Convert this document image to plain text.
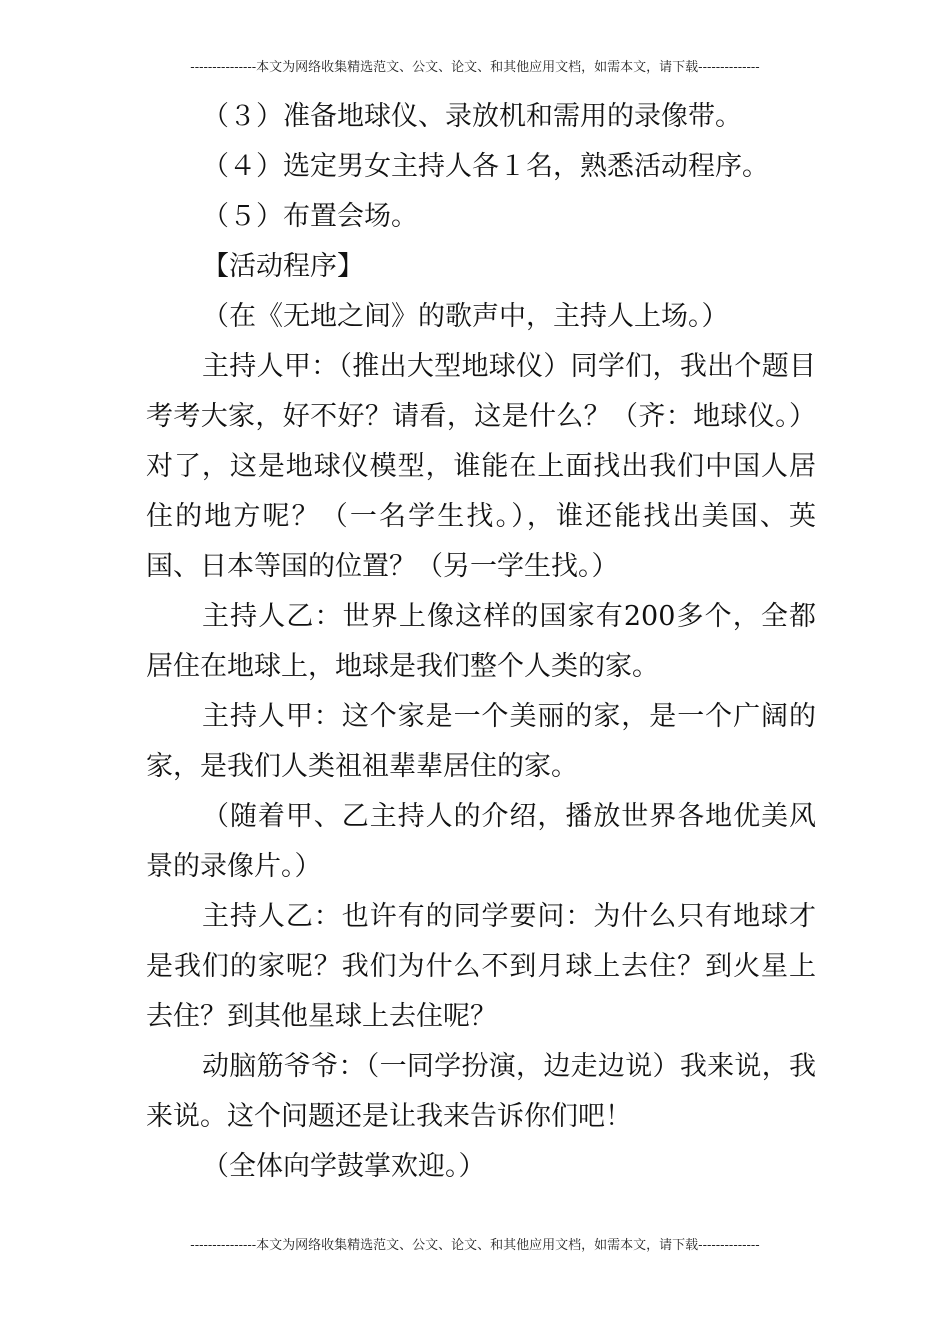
---------------本文为网络收集精选范文、公文、论文、和其他应用文档，如需本文，请下载--------------

（３）准备地球仪、录放机和需用的录像带。

（４）选定男女主持人各１名，熟悉活动程序。

（５）布置会场。

【活动程序】

（在《无地之间》的歌声中，主持人上场。）

主持人甲：（推出大型地球仪）同学们，我出个题目考考大家，好不好？请看，这是什么？（齐：地球仪。）对了，这是地球仪模型，谁能在上面找出我们中国人居住的地方呢？（一名学生找。），谁还能找出美国、英国、日本等国的位置？（另一学生找。）

主持人乙：世界上像这样的国家有200多个，全都居住在地球上，地球是我们整个人类的家。

主持人甲：这个家是一个美丽的家，是一个广阔的家，是我们人类祖祖辈辈居住的家。

（随着甲、乙主持人的介绍，播放世界各地优美风景的录像片。）

主持人乙：也许有的同学要问：为什么只有地球才是我们的家呢？我们为什么不到月球上去住？到火星上去住？到其他星球上去住呢？

动脑筋爷爷：（一同学扮演，边走边说）我来说，我来说。这个问题还是让我来告诉你们吧！

（全体向学鼓掌欢迎。）

---------------本文为网络收集精选范文、公文、论文、和其他应用文档，如需本文，请下载--------------
